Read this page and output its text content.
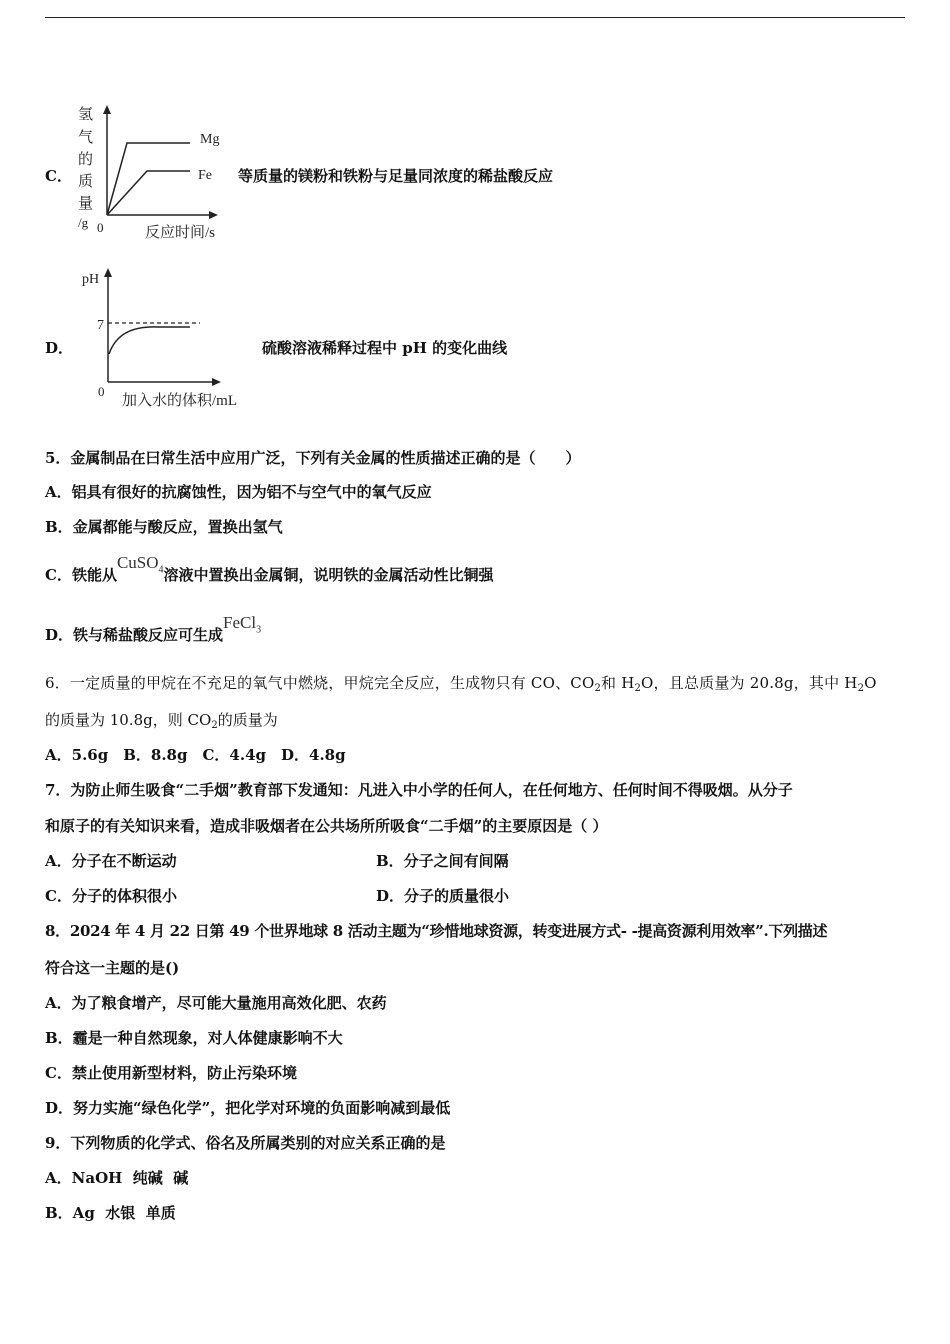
C．
氢
气
的
质
量
/g 0
Mg
Fe
反应时间/s
等质量的镁粉和铁粉与足量同浓度的稀盐酸反应
D．
pH
7
0
加入水的体积/mL
硫酸溶液稀释过程中 pH 的变化曲线
5．金属制品在曰常生活中应用广泛，下列有关金属的性质描述正确的是（　　）
A．铝具有很好的抗腐蚀性，因为铝不与空气中的氧气反应
B．金属都能与酸反应，置换出氢气
C．铁能从CuSO$_4$溶液中置换出金属铜，说明铁的金属活动性比铜强
D．铁与稀盐酸反应可生成FeCl$_3$
6．一定质量的甲烷在不充足的氧气中燃烧，甲烷完全反应，生成物只有 CO、$CO_2$和 $H_2O$，且总质量为 20.8g，其中 $H_2O$
的质量为 10.8g，则 $CO_2$的质量为
A．5.6g　B．8.8g　C．4.4g　D．4.8g
7．为防止师生吸食“二手烟”教育部下发通知：凡进入中小学的任何人，在任何地方、任何时间不得吸烟。从分子
和原子的有关知识来看，造成非吸烟者在公共场所所吸食“二手烟”的主要原因是（ ）
A．分子在不断运动	B．分子之间有间隔
C．分子的体积很小	D．分子的质量很小
8．2024 年 4 月 22 日第 49 个世界地球 8 活动主题为“珍惜地球资源，转变进展方式- -提高资源利用效率”.下列描述
符合这一主题的是()
A．为了粮食增产，尽可能大量施用高效化肥、农药
B．霾是一种自然现象，对人体健康影响不大
C．禁止使用新型材料，防止污染环境
D．努力实施“绿色化学”，把化学对环境的负面影响减到最低
9．下列物质的化学式、俗名及所属类别的对应关系正确的是
A．NaOH  纯碱  碱
B．Ag  水银  单质
